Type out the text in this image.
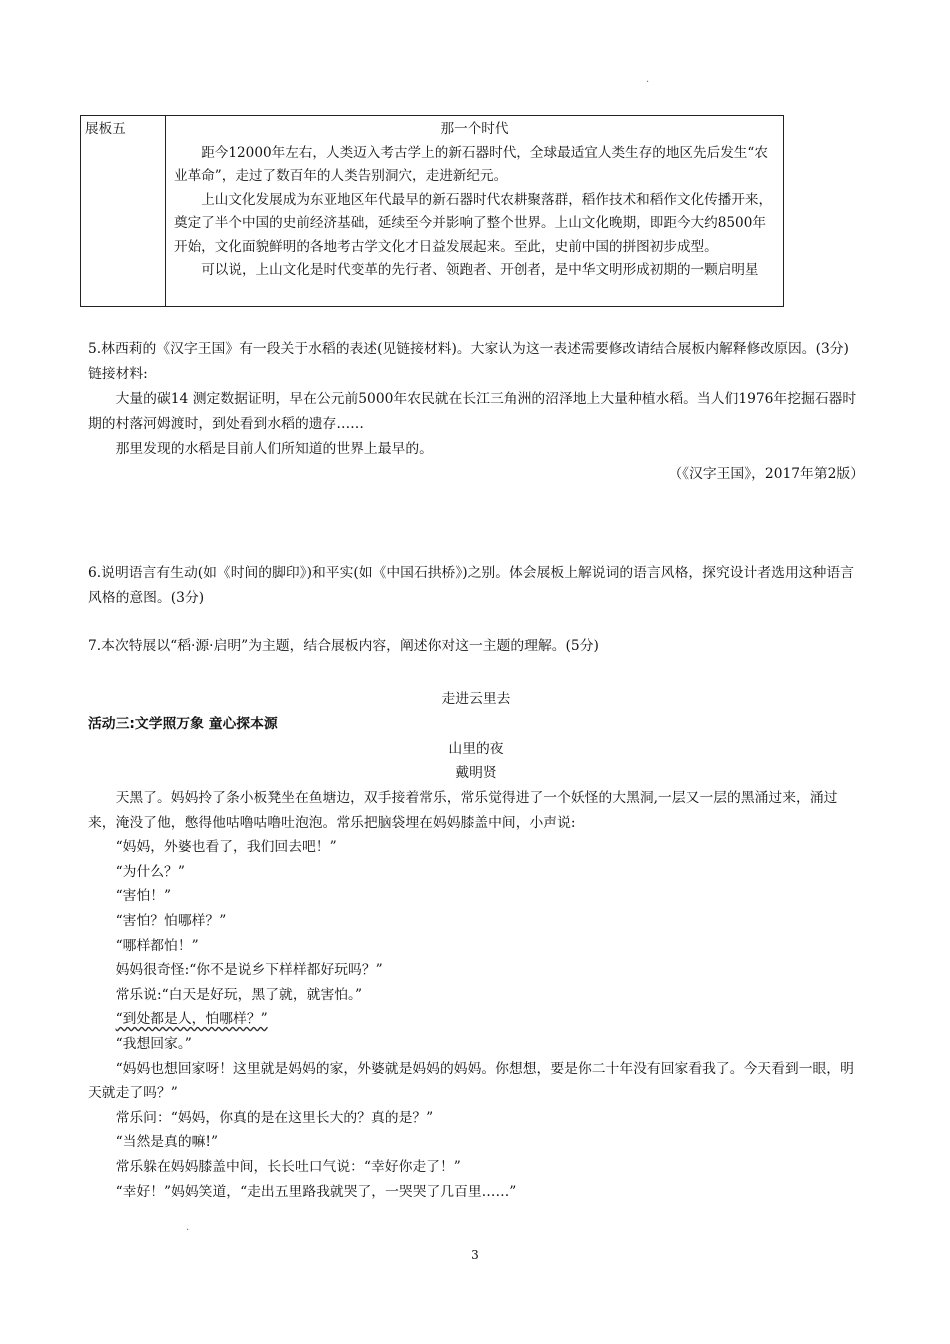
.
展板五	那一个时代

距今12000年左右，人类迈入考古学上的新石器时代，全球最适宜人类生存的地区先后发生“农业革命”，走过了数百年的人类告别洞穴，走进新纪元。

上山文化发展成为东亚地区年代最早的新石器时代农耕聚落群，稻作技术和稻作文化传播开来，奠定了半个中国的史前经济基础，延续至今并影响了整个世界。上山文化晚期，即距今大约8500年开始，文化面貌鲜明的各地考古学文化才日益发展起来。至此，史前中国的拼图初步成型。

可以说，上山文化是时代变革的先行者、领跑者、开创者，是中华文明形成初期的一颗启明星

5.林西莉的《汉字王国》有一段关于水稻的表述(见链接材料)。大家认为这一表述需要修改请结合展板内解释修改原因。(3分)

链接材料:

大量的碳14 测定数据证明，早在公元前5000年农民就在长江三角洲的沼泽地上大量种植水稻。当人们1976年挖掘石器时期的村落河姆渡时，到处看到水稻的遗存……

那里发现的水稻是目前人们所知道的世界上最早的。

（《汉字王国》，2017年第2版）

6.说明语言有生动(如《时间的脚印》)和平实(如《中国石拱桥》)之别。体会展板上解说词的语言风格，探究设计者选用这种语言风格的意图。(3分)

7.本次特展以“稻·源·启明”为主题，结合展板内容，阐述你对这一主题的理解。(5分)

走进云里去
活动三:文学照万象 童心探本源
山里的夜
戴明贤

天黑了。妈妈拎了条小板凳坐在鱼塘边，双手接着常乐，常乐觉得进了一个妖怪的大黑洞,一层又一层的黑涌过来，涌过来，淹没了他，憋得他咕噜咕噜吐泡泡。常乐把脑袋埋在妈妈膝盖中间，小声说:

“妈妈，外婆也看了，我们回去吧！”

“为什么？”

“害怕！”

“害怕？怕哪样？”

“哪样都怕！”

妈妈很奇怪:“你不是说乡下样样都好玩吗？”

常乐说:“白天是好玩，黑了就，就害怕。”

“到处都是人，怕哪样？”

“我想回家。”

“妈妈也想回家呀！这里就是妈妈的家，外婆就是妈妈的妈妈。你想想，要是你二十年没有回家看我了。今天看到一眼，明天就走了吗？”

常乐问：“妈妈，你真的是在这里长大的？真的是？”

“当然是真的嘛!”

常乐躲在妈妈膝盖中间，长长吐口气说：“幸好你走了！”

“幸好！”妈妈笑道，“走出五里路我就哭了，一哭哭了几百里……”

.
3
